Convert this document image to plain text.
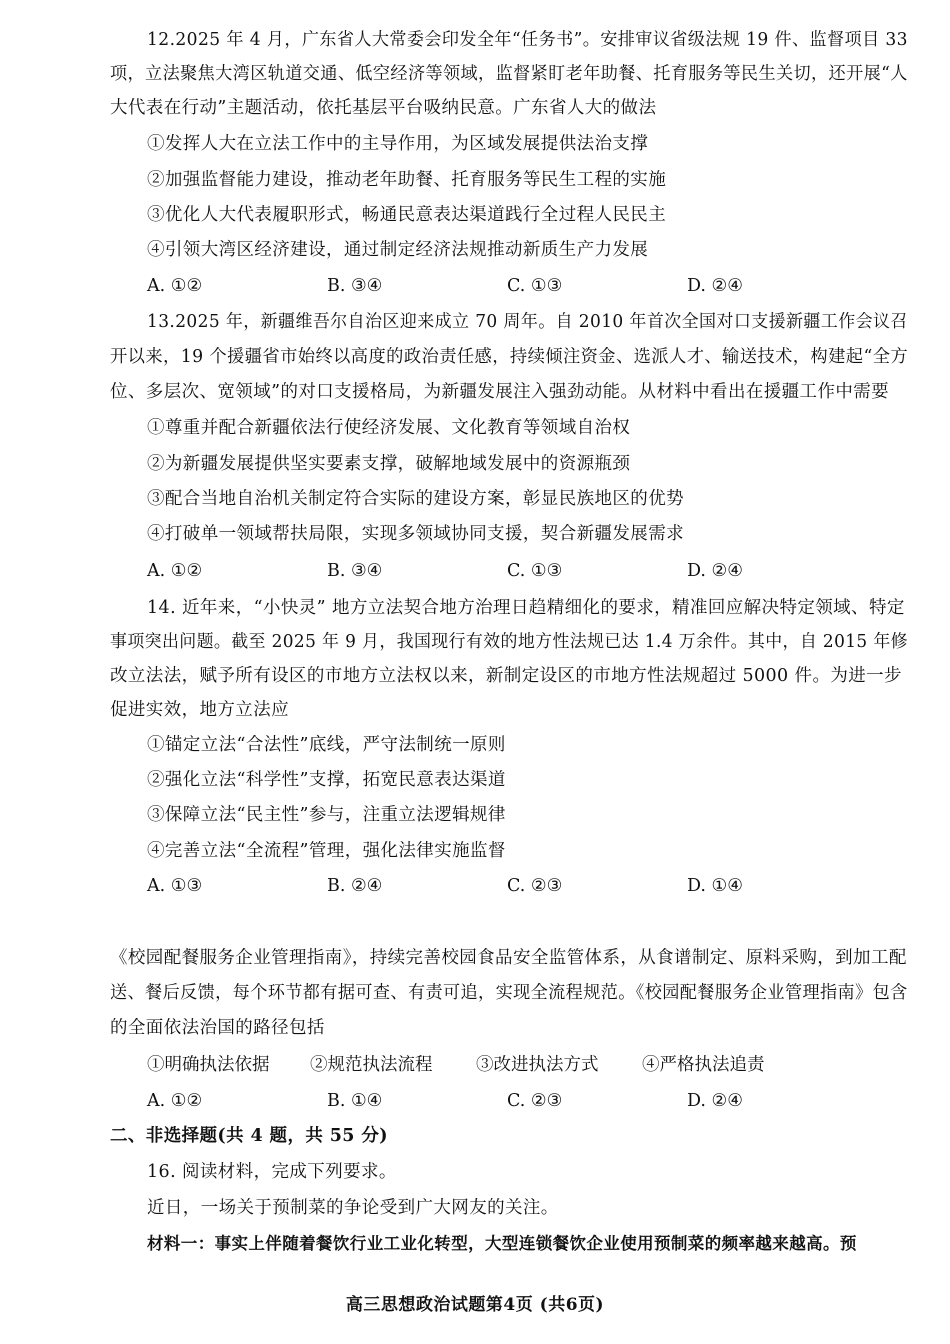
12.2025 年 4 月，广东省人大常委会印发全年“任务书”。安排审议省级法规 19 件、监督项目 33
项，立法聚焦大湾区轨道交通、低空经济等领域，监督紧盯老年助餐、托育服务等民生关切，还开展“人
大代表在行动”主题活动，依托基层平台吸纳民意。广东省人大的做法
①发挥人大在立法工作中的主导作用，为区域发展提供法治支撑
②加强监督能力建设，推动老年助餐、托育服务等民生工程的实施
③优化人大代表履职形式，畅通民意表达渠道践行全过程人民民主
④引领大湾区经济建设，通过制定经济法规推动新质生产力发展
A. ①②	B. ③④	C. ①③	D. ②④
13.2025 年，新疆维吾尔自治区迎来成立 70 周年。自 2010 年首次全国对口支援新疆工作会议召
开以来，19 个援疆省市始终以高度的政治责任感，持续倾注资金、选派人才、输送技术，构建起“全方
位、多层次、宽领域”的对口支援格局，为新疆发展注入强劲动能。从材料中看出在援疆工作中需要
①尊重并配合新疆依法行使经济发展、文化教育等领域自治权
②为新疆发展提供坚实要素支撑，破解地域发展中的资源瓶颈
③配合当地自治机关制定符合实际的建设方案，彰显民族地区的优势
④打破单一领域帮扶局限，实现多领域协同支援，契合新疆发展需求
A. ①②	B. ③④	C. ①③	D. ②④
14. 近年来，“小快灵” 地方立法契合地方治理日趋精细化的要求，精准回应解决特定领域、特定
事项突出问题。截至 2025 年 9 月，我国现行有效的地方性法规已达 1.4 万余件。其中，自 2015 年修
改立法法，赋予所有设区的市地方立法权以来，新制定设区的市地方性法规超过 5000 件。为进一步
促进实效，地方立法应
①锚定立法“合法性”底线，严守法制统一原则
②强化立法“科学性”支撑，拓宽民意表达渠道
③保障立法“民主性”参与，注重立法逻辑规律
④完善立法“全流程”管理，强化法律实施监督
A. ①③	B. ②④	C. ②③	D. ①④
《校园配餐服务企业管理指南》，持续完善校园食品安全监管体系，从食谱制定、原料采购，到加工配
送、餐后反馈，每个环节都有据可查、有责可追，实现全流程规范。《校园配餐服务企业管理指南》包含
的全面依法治国的路径包括
①明确执法依据 ②规范执法流程 ③改进执法方式 ④严格执法追责
A. ①②	B. ①④	C. ②③	D. ②④
二、非选择题(共 4 题，共 55 分)
16. 阅读材料，完成下列要求。
近日，一场关于预制菜的争论受到广大网友的关注。
材料一：事实上伴随着餐饮行业工业化转型，大型连锁餐饮企业使用预制菜的频率越来越高。预
高三思想政治试题第4页 (共6页)
